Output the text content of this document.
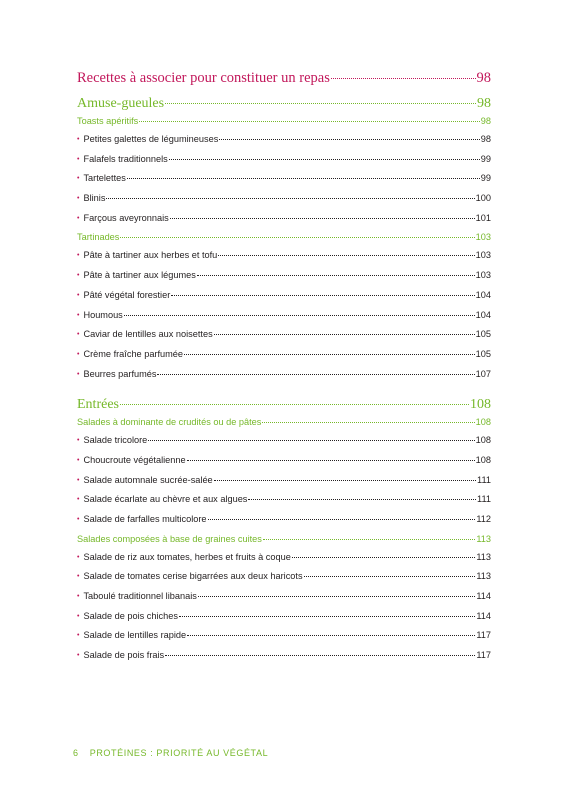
Recettes à associer pour constituer un repas	98
Amuse-gueules	98
Toasts apéritifs	98
• Petites galettes de légumineuses	98
• Falafels traditionnels	99
• Tartelettes	99
• Blinis	100
• Farçous aveyronnais	101
Tartinades	103
• Pâte à tartiner aux herbes et tofu	103
• Pâte à tartiner aux légumes	103
• Pâté végétal forestier	104
• Houmous	104
• Caviar de lentilles aux noisettes	105
• Crème fraîche parfumée	105
• Beurres parfumés	107
Entrées	108
Salades à dominante de crudités ou de pâtes	108
• Salade tricolore	108
• Choucroute végétalienne	108
• Salade automnale sucrée-salée	111
• Salade écarlate au chèvre et aux algues	111
• Salade de farfalles multicolore	112
Salades composées à base de graines cuites	113
• Salade de riz aux tomates, herbes et fruits à coque	113
• Salade de tomates cerise bigarrées aux deux haricots	113
• Taboulé traditionnel libanais	114
• Salade de pois chiches	114
• Salade de lentilles rapide	117
• Salade de pois frais	117
6 PROTÉINES : PRIORITÉ AU VÉGÉTAL
